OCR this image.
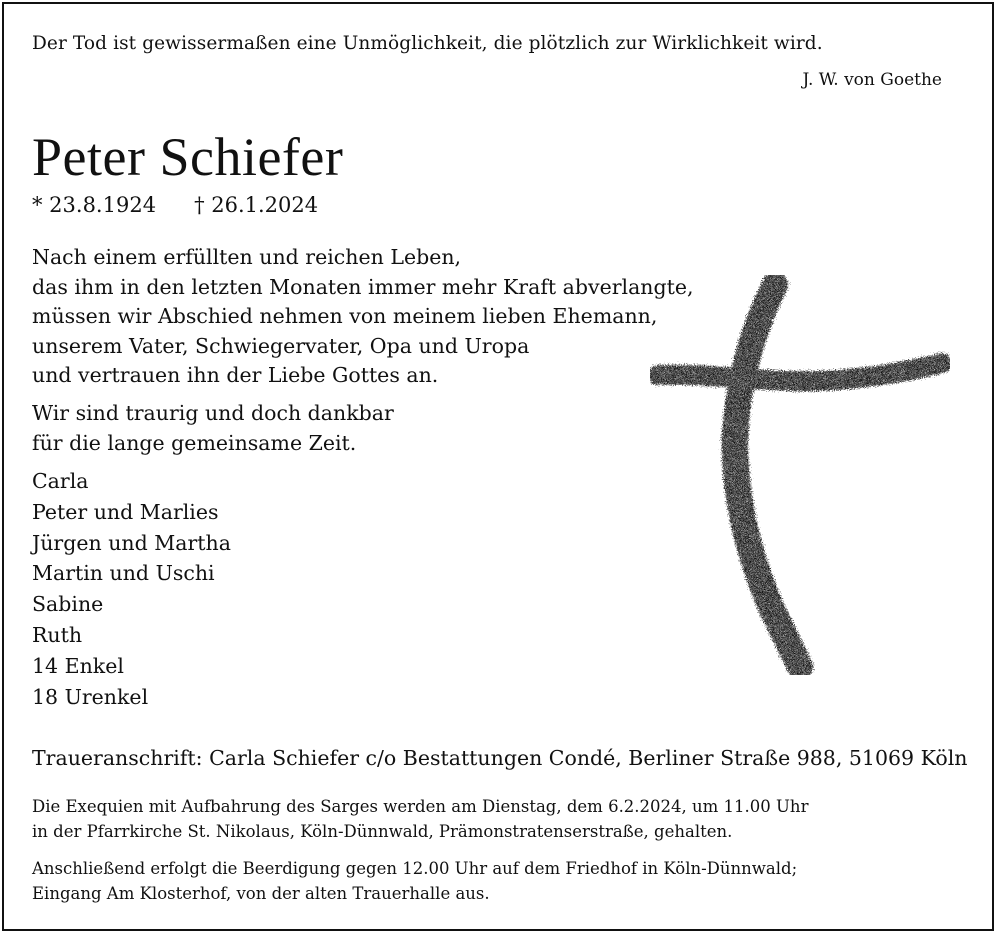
Der Tod ist gewissermaßen eine Unmöglichkeit, die plötzlich zur Wirklichkeit wird.
J. W. von Goethe
Peter Schiefer
* 23.8.1924 † 26.1.2024
Nach einem erfüllten und reichen Leben,
das ihm in den letzten Monaten immer mehr Kraft abverlangte,
müssen wir Abschied nehmen von meinem lieben Ehemann,
unserem Vater, Schwiegervater, Opa und Uropa
und vertrauen ihn der Liebe Gottes an.
Wir sind traurig und doch dankbar
für die lange gemeinsame Zeit.
Carla
Peter und Marlies
Jürgen und Martha
Martin und Uschi
Sabine
Ruth
14 Enkel
18 Urenkel
Traueranschrift: Carla Schiefer c/o Bestattungen Condé, Berliner Straße 988, 51069 Köln
Die Exequien mit Aufbahrung des Sarges werden am Dienstag, dem 6.2.2024, um 11.00 Uhr
in der Pfarrkirche St. Nikolaus, Köln-Dünnwald, Prämonstratenserstraße, gehalten.
Anschließend erfolgt die Beerdigung gegen 12.00 Uhr auf dem Friedhof in Köln-Dünnwald;
Eingang Am Klosterhof, von der alten Trauerhalle aus.
